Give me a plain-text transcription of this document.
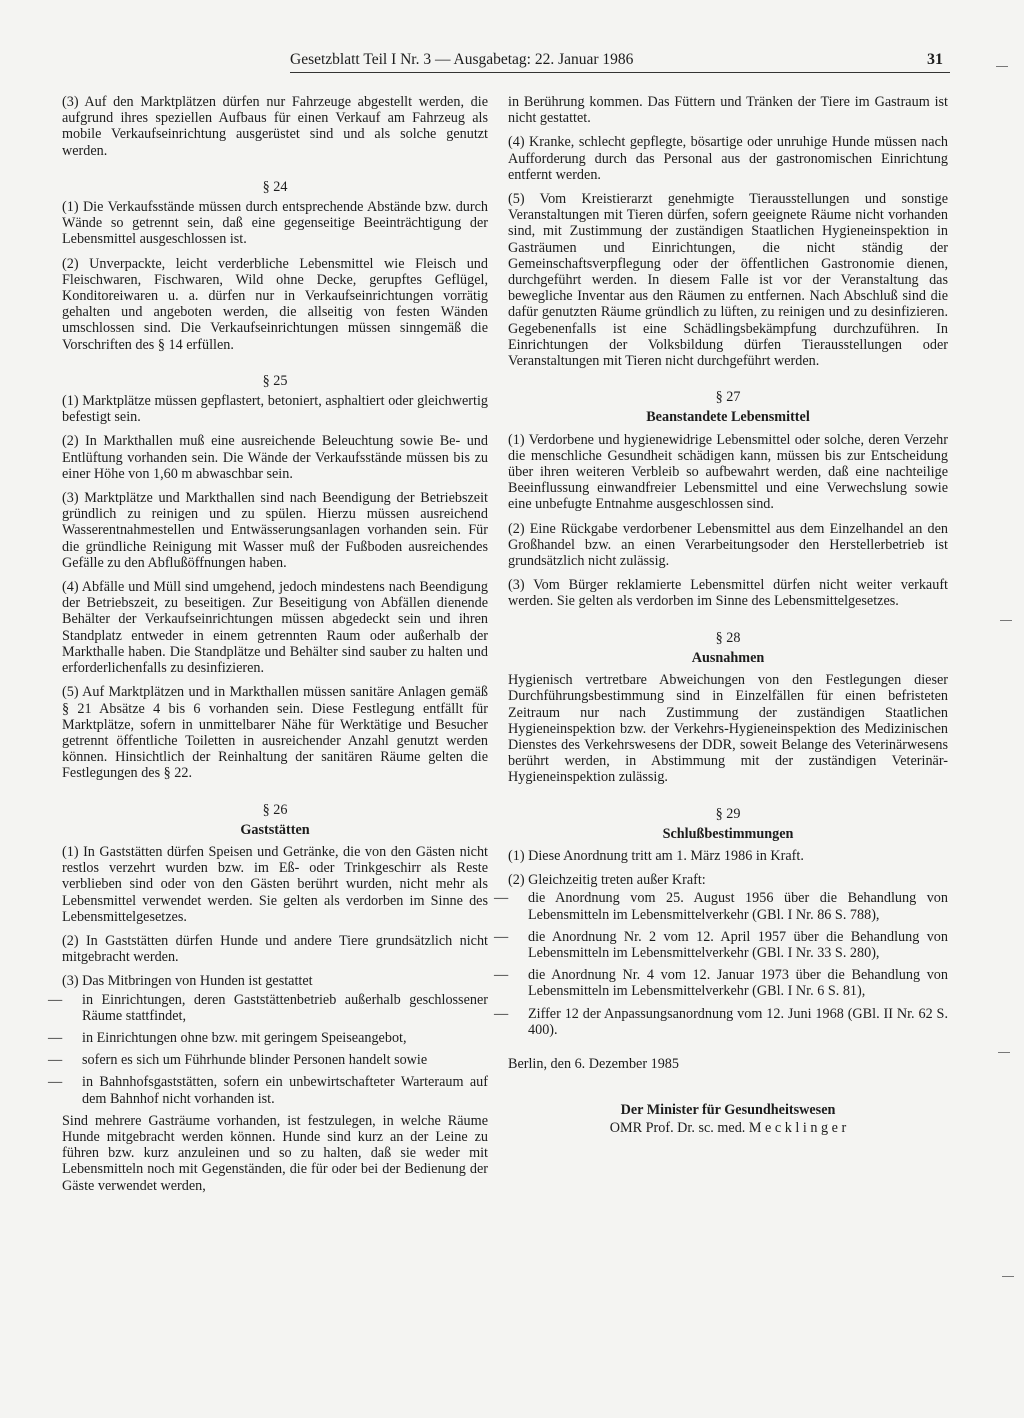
Gesetzblatt Teil I Nr. 3 — Ausgabetag: 22. Januar 1986	31

(3) Auf den Marktplätzen dürfen nur Fahrzeuge abgestellt werden, die aufgrund ihres speziellen Aufbaus für einen Verkauf am Fahrzeug als mobile Verkaufseinrichtung ausgerüstet sind und als solche genutzt werden.

§ 24

(1) Die Verkaufsstände müssen durch entsprechende Abstände bzw. durch Wände so getrennt sein, daß eine gegenseitige Beeinträchtigung der Lebensmittel ausgeschlossen ist.

(2) Unverpackte, leicht verderbliche Lebensmittel wie Fleisch und Fleischwaren, Fischwaren, Wild ohne Decke, gerupftes Geflügel, Konditoreiwaren u. a. dürfen nur in Verkaufseinrichtungen vorrätig gehalten und angeboten werden, die allseitig von festen Wänden umschlossen sind. Die Verkaufseinrichtungen müssen sinngemäß die Vorschriften des § 14 erfüllen.

§ 25

(1) Marktplätze müssen gepflastert, betoniert, asphaltiert oder gleichwertig befestigt sein.

(2) In Markthallen muß eine ausreichende Beleuchtung sowie Be- und Entlüftung vorhanden sein. Die Wände der Verkaufsstände müssen bis zu einer Höhe von 1,60 m abwaschbar sein.

(3) Marktplätze und Markthallen sind nach Beendigung der Betriebszeit gründlich zu reinigen und zu spülen. Hierzu müssen ausreichend Wasserentnahmestellen und Entwässerungsanlagen vorhanden sein. Für die gründliche Reinigung mit Wasser muß der Fußboden ausreichendes Gefälle zu den Abflußöffnungen haben.

(4) Abfälle und Müll sind umgehend, jedoch mindestens nach Beendigung der Betriebszeit, zu beseitigen. Zur Beseitigung von Abfällen dienende Behälter der Verkaufseinrichtungen müssen abgedeckt sein und ihren Standplatz entweder in einem getrennten Raum oder außerhalb der Markthalle haben. Die Standplätze und Behälter sind sauber zu halten und erforderlichenfalls zu desinfizieren.

(5) Auf Marktplätzen und in Markthallen müssen sanitäre Anlagen gemäß § 21 Absätze 4 bis 6 vorhanden sein. Diese Festlegung entfällt für Marktplätze, sofern in unmittelbarer Nähe für Werktätige und Besucher getrennt öffentliche Toiletten in ausreichender Anzahl genutzt werden können. Hinsichtlich der Reinhaltung der sanitären Räume gelten die Festlegungen des § 22.

§ 26
Gaststätten

(1) In Gaststätten dürfen Speisen und Getränke, die von den Gästen nicht restlos verzehrt wurden bzw. im Eß- oder Trinkgeschirr als Reste verblieben sind oder von den Gästen berührt wurden, nicht mehr als Lebensmittel verwendet werden. Sie gelten als verdorben im Sinne des Lebensmittelgesetzes.

(2) In Gaststätten dürfen Hunde und andere Tiere grundsätzlich nicht mitgebracht werden.

(3) Das Mitbringen von Hunden ist gestattet

— in Einrichtungen, deren Gaststättenbetrieb außerhalb geschlossener Räume stattfindet,
— in Einrichtungen ohne bzw. mit geringem Speiseangebot,
— sofern es sich um Führhunde blinder Personen handelt sowie
— in Bahnhofsgaststätten, sofern ein unbewirtschafteter Warteraum auf dem Bahnhof nicht vorhanden ist.

Sind mehrere Gasträume vorhanden, ist festzulegen, in welche Räume Hunde mitgebracht werden können. Hunde sind kurz an der Leine zu führen bzw. kurz anzuleinen und so zu halten, daß sie weder mit Lebensmitteln noch mit Gegenständen, die für oder bei der Bedienung der Gäste verwendet werden,

in Berührung kommen. Das Füttern und Tränken der Tiere im Gastraum ist nicht gestattet.

(4) Kranke, schlecht gepflegte, bösartige oder unruhige Hunde müssen nach Aufforderung durch das Personal aus der gastronomischen Einrichtung entfernt werden.

(5) Vom Kreistierarzt genehmigte Tierausstellungen und sonstige Veranstaltungen mit Tieren dürfen, sofern geeignete Räume nicht vorhanden sind, mit Zustimmung der zuständigen Staatlichen Hygieneinspektion in Gasträumen und Einrichtungen, die nicht ständig der Gemeinschaftsverpflegung oder der öffentlichen Gastronomie dienen, durchgeführt werden. In diesem Falle ist vor der Veranstaltung das bewegliche Inventar aus den Räumen zu entfernen. Nach Abschluß sind die dafür genutzten Räume gründlich zu lüften, zu reinigen und zu desinfizieren. Gegebenenfalls ist eine Schädlingsbekämpfung durchzuführen. In Einrichtungen der Volksbildung dürfen Tierausstellungen oder Veranstaltungen mit Tieren nicht durchgeführt werden.

§ 27
Beanstandete Lebensmittel

(1) Verdorbene und hygienewidrige Lebensmittel oder solche, deren Verzehr die menschliche Gesundheit schädigen kann, müssen bis zur Entscheidung über ihren weiteren Verbleib so aufbewahrt werden, daß eine nachteilige Beeinflussung einwandfreier Lebensmittel und eine Verwechslung sowie eine unbefugte Entnahme ausgeschlossen sind.

(2) Eine Rückgabe verdorbener Lebensmittel aus dem Einzelhandel an den Großhandel bzw. an einen Verarbeitungsoder den Herstellerbetrieb ist grundsätzlich nicht zulässig.

(3) Vom Bürger reklamierte Lebensmittel dürfen nicht weiter verkauft werden. Sie gelten als verdorben im Sinne des Lebensmittelgesetzes.

§ 28
Ausnahmen

Hygienisch vertretbare Abweichungen von den Festlegungen dieser Durchführungsbestimmung sind in Einzelfällen für einen befristeten Zeitraum nur nach Zustimmung der zuständigen Staatlichen Hygieneinspektion bzw. der Verkehrs-Hygieneinspektion des Medizinischen Dienstes des Verkehrswesens der DDR, soweit Belange des Veterinärwesens berührt werden, in Abstimmung mit der zuständigen Veterinär-Hygieneinspektion zulässig.

§ 29
Schlußbestimmungen

(1) Diese Anordnung tritt am 1. März 1986 in Kraft.

(2) Gleichzeitig treten außer Kraft:

— die Anordnung vom 25. August 1956 über die Behandlung von Lebensmitteln im Lebensmittelverkehr (GBl. I Nr. 86 S. 788),
— die Anordnung Nr. 2 vom 12. April 1957 über die Behandlung von Lebensmitteln im Lebensmittelverkehr (GBl. I Nr. 33 S. 280),
— die Anordnung Nr. 4 vom 12. Januar 1973 über die Behandlung von Lebensmitteln im Lebensmittelverkehr (GBl. I Nr. 6 S. 81),
— Ziffer 12 der Anpassungsanordnung vom 12. Juni 1968 (GBl. II Nr. 62 S. 400).

Berlin, den 6. Dezember 1985

Der Minister für Gesundheitswesen

OMR Prof. Dr. sc. med. M e c k l i n g e r
